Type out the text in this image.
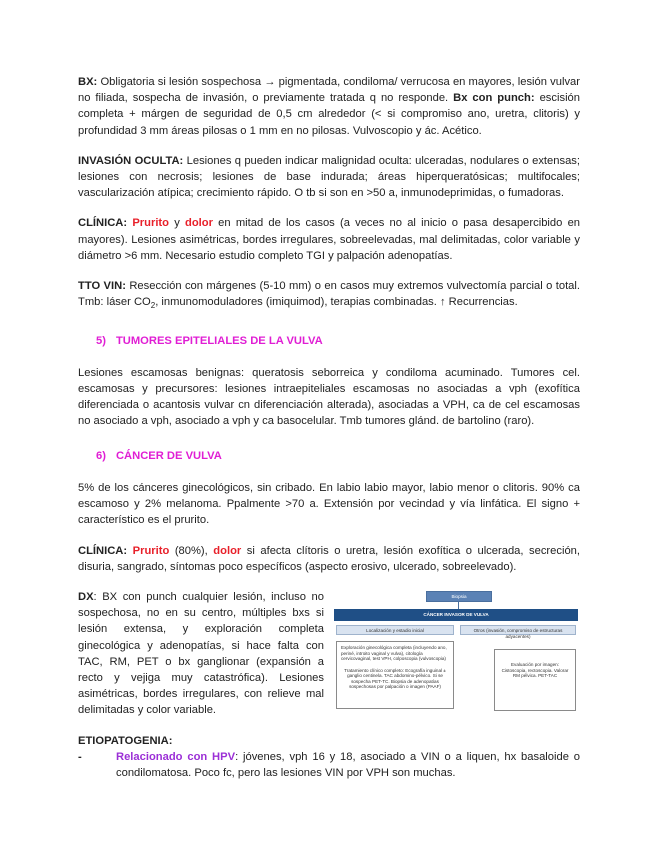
BX: Obligatoria si lesión sospechosa → pigmentada, condiloma/ verrucosa en mayores, lesión vulvar no filiada, sospecha de invasión, o previamente tratada q no responde. Bx con punch: escisión completa + márgen de seguridad de 0,5 cm alrededor (< si compromiso ano, uretra, clitoris) y profundidad 3 mm áreas pilosas o 1 mm en no pilosas. Vulvoscopio y ác. Acético.

INVASIÓN OCULTA: Lesiones q pueden indicar malignidad oculta: ulceradas, nodulares o extensas; lesiones con necrosis; lesiones de base indurada; áreas hiperqueratósicas; multifocales; vascularización atípica; crecimiento rápido. O tb si son en >50 a, inmunodeprimidas, o fumadoras.

CLÍNICA: Prurito y dolor en mitad de los casos (a veces no al inicio o pasa desapercibido en mayores). Lesiones asimétricas, bordes irregulares, sobreelevadas, mal delimitadas, color variable y diámetro >6 mm. Necesario estudio completo TGI y palpación adenopatías.

TTO VIN: Resección con márgenes (5-10 mm) o en casos muy extremos vulvectomía parcial o total. Tmb: láser $CO_2$, inmunomoduladores (imiquimod), terapias combinadas. ↑ Recurrencias.

5) TUMORES EPITELIALES DE LA VULVA

Lesiones escamosas benignas: queratosis seborreica y condiloma acuminado. Tumores cel. escamosas y precursores: lesiones intraepiteliales escamosas no asociadas a vph (exofítica diferenciada o acantosis vulvar cn diferenciación alterada), asociadas a VPH, ca de cel escamosas no asociado a vph, asociado a vph y ca basocelular. Tmb tumores glánd. de bartolino (raro).

6) CÁNCER DE VULVA

5% de los cánceres ginecológicos, sin cribado. En labio labio mayor, labio menor o clitoris. 90% ca escamoso y 2% melanoma. Ppalmente >70 a. Extensión por vecindad y vía linfática. El signo + característico es el prurito.

CLÍNICA: Prurito (80%), dolor si afecta clítoris o uretra, lesión exofítica o ulcerada, secreción, disuria, sangrado, síntomas poco específicos (aspecto erosivo, ulcerado, sobreelevado).

DX: BX con punch cualquier lesión, incluso no sospechosa, no en su centro, múltiples bxs si lesión extensa, y exploración completa ginecológica y adenopatías, si hace falta con TAC, RM, PET o bx ganglionar (expansión a recto y vejiga muy catastrófica). Lesiones asimétricas, bordes irregulares, con relieve mal delimitadas y color variable.
Biopsia
CÁNCER INVASOR DE VULVA
Localización y estadio inicial	Otros (invasión, compromiso de estructuras adyacentes)
Exploración ginecológica completa (incluyendo ano, periné, introito vaginal y vulva), citología cervicovaginal, test VPH, colposcopia (vulvoscopia)
Tratamiento clínico completo: Ecografía inguinal ± ganglio centinela. TAC abdomino-pélvico. Si se sospecha PET-TC. Biopsia de adenopatías sospechosas por palpación o imagen (PAAF)
Evaluación por imagen: Cistoscopia, rectoscopia. Valorar RM pélvica. PET-TAC
ETIOPATOGENIA:
-	Relacionado con HPV: jóvenes, vph 16 y 18, asociado a VIN o a liquen, hx basaloide o condilomatosa. Poco fc, pero las lesiones VIN por VPH son muchas.
